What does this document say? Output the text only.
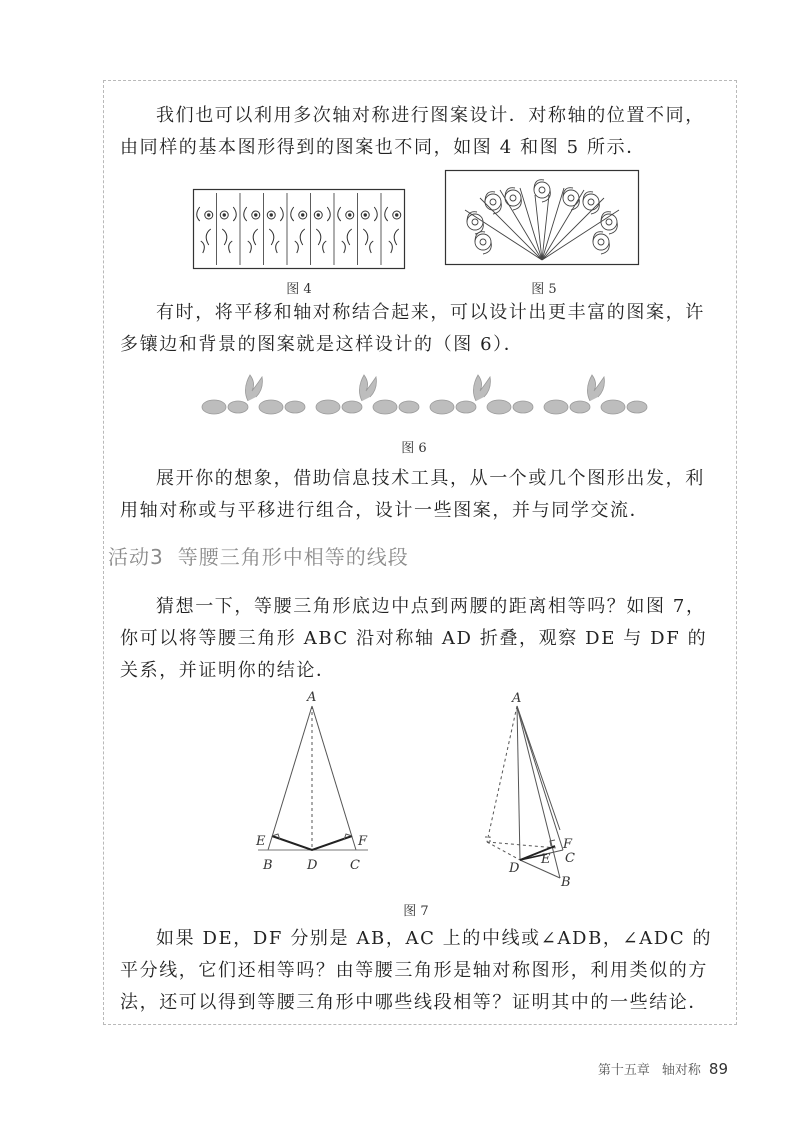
我们也可以利用多次轴对称进行图案设计．对称轴的位置不同，由同样的基本图形得到的图案也不同，如图 4 和图 5 所示．

图 4	图 5

有时，将平移和轴对称结合起来，可以设计出更丰富的图案，许多镶边和背景的图案就是这样设计的（图 6）．

图 6

展开你的想象，借助信息技术工具，从一个或几个图形出发，利用轴对称或与平移进行组合，设计一些图案，并与同学交流．

活动3 等腰三角形中相等的线段

猜想一下，等腰三角形底边中点到两腰的距离相等吗？如图 7，你可以将等腰三角形 ABC 沿对称轴 AD 折叠，观察 DE 与 DF 的关系，并证明你的结论．

A
E	F
B	D	C
A
F
E C
D
B
图 7

如果 DE，DF 分别是 AB，AC 上的中线或∠ADB，∠ADC 的平分线，它们还相等吗？由等腰三角形是轴对称图形，利用类似的方法，还可以得到等腰三角形中哪些线段相等？证明其中的一些结论．

第十五章 轴对称 89
